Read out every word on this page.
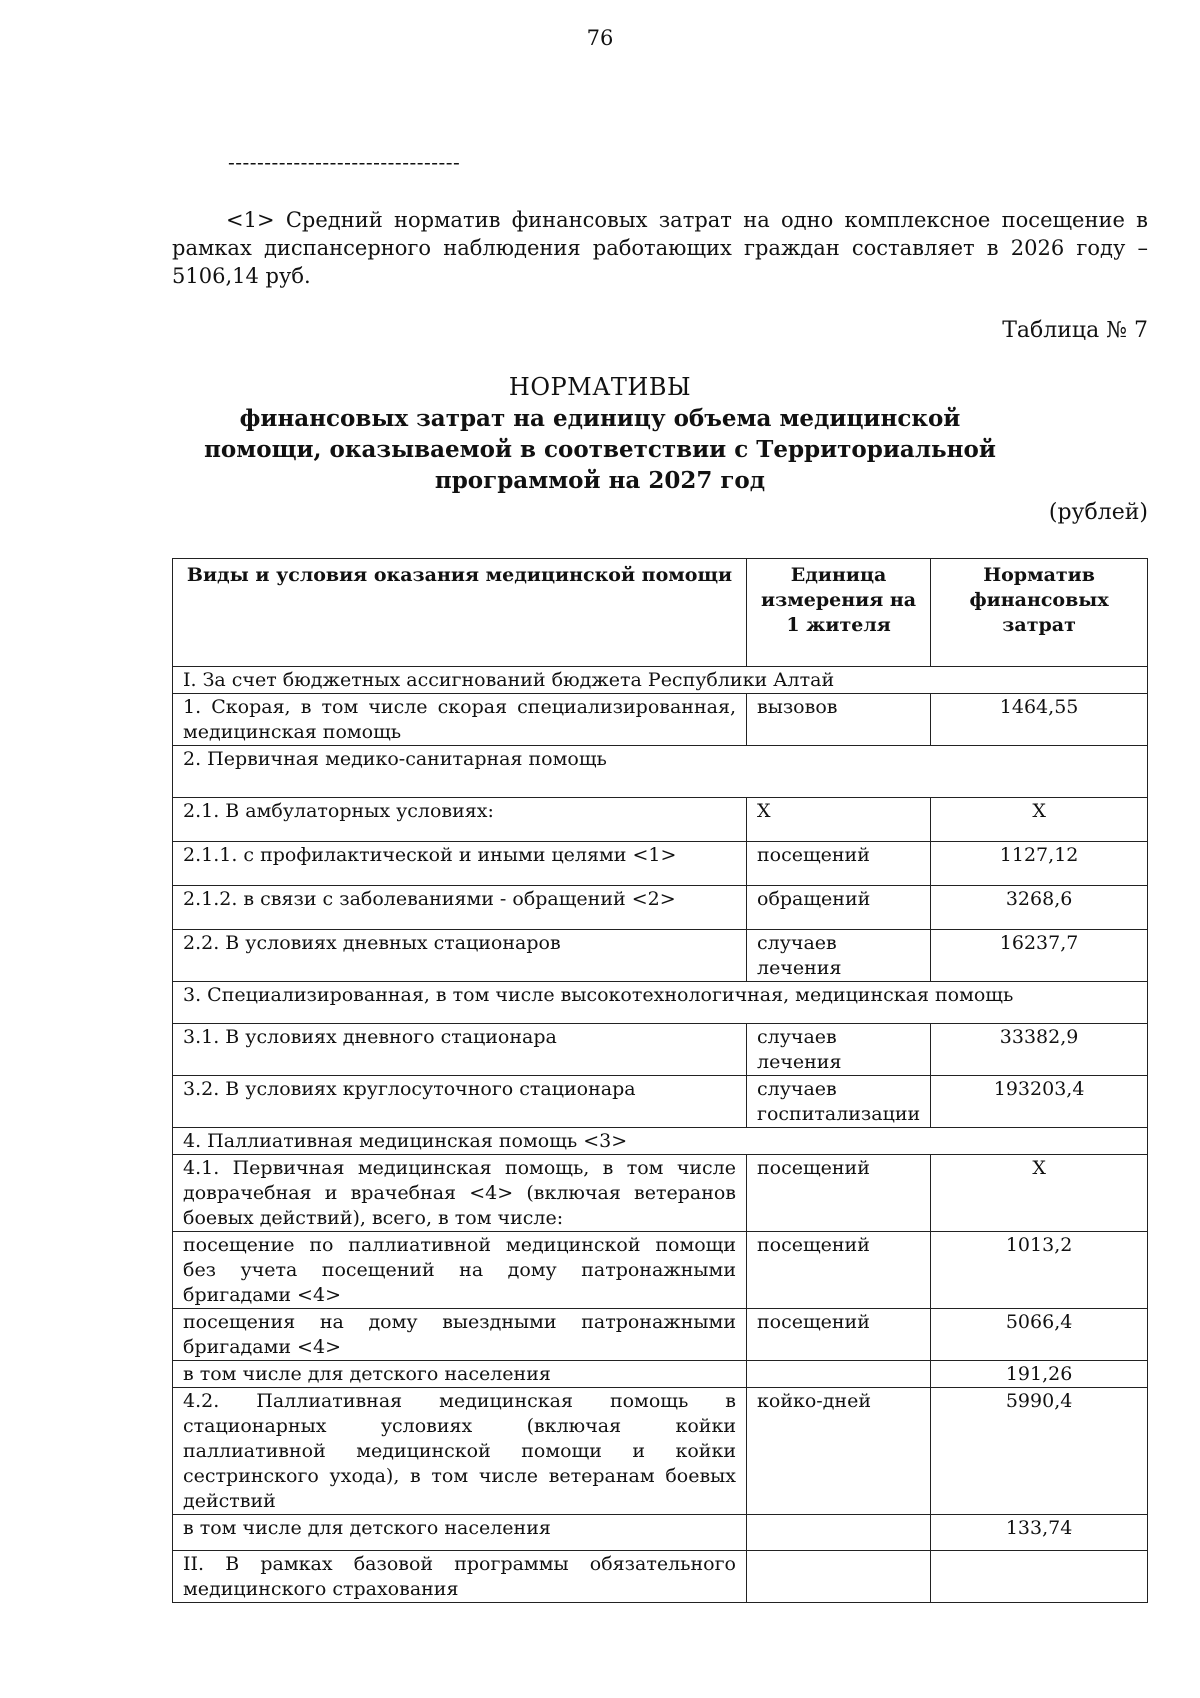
76
--------------------------------
<1> Средний норматив финансовых затрат на одно комплексное посещение в рамках диспансерного наблюдения работающих граждан составляет в 2026 году – 5106,14 руб.
Таблица № 7
НОРМАТИВЫ
финансовых затрат на единицу объема медицинской
помощи, оказываемой в соответствии с Территориальной
программой на 2027 год
(рублей)
Виды и условия оказания медицинской помощи	Единица измерения на 1 жителя	Норматив финансовых затрат
I. За счет бюджетных ассигнований бюджета Республики Алтай		
1. Скорая, в том числе скорая специализированная, медицинская помощь	вызовов	1464,55
2. Первичная медико-санитарная помощь		
2.1. В амбулаторных условиях:	X	X
2.1.1. с профилактической и иными целями <1>	посещений	1127,12
2.1.2. в связи с заболеваниями - обращений <2>	обращений	3268,6
2.2. В условиях дневных стационаров	случаев лечения	16237,7
3. Специализированная, в том числе высокотехнологичная, медицинская помощь		
3.1. В условиях дневного стационара	случаев лечения	33382,9
3.2. В условиях круглосуточного стационара	случаев госпитализации	193203,4
4. Паллиативная медицинская помощь <3>		
4.1. Первичная медицинская помощь, в том числе доврачебная и врачебная <4> (включая ветеранов боевых действий), всего, в том числе:	посещений	X
посещение по паллиативной медицинской помощи без учета посещений на дому патронажными бригадами <4>	посещений	1013,2
посещения на дому выездными патронажными бригадами <4>	посещений	5066,4
в том числе для детского населения		191,26
4.2. Паллиативная медицинская помощь в стационарных условиях (включая койки паллиативной медицинской помощи и койки сестринского ухода), в том числе ветеранам боевых действий	койко-дней	5990,4
в том числе для детского населения		133,74
II. В рамках базовой программы обязательного медицинского страхования		
